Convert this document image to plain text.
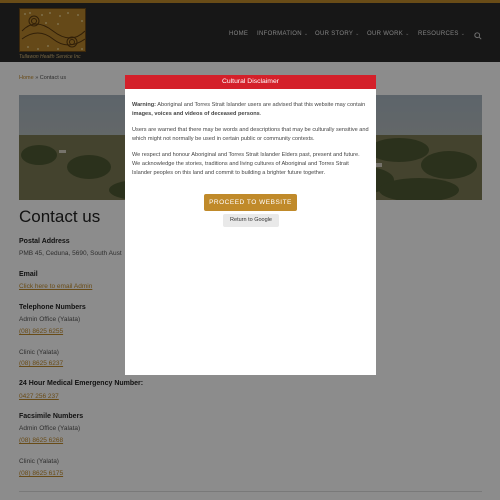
Tullawon Health Service Inc
HOME INFORMATION ⌄ OUR STORY ⌄ OUR WORK ⌄ RESOURCES ⌄
Home » Contact us
Contact us
Postal Address
PMB 45, Ceduna, 5690, South Aust
Email
Click here to email Admin
Telephone Numbers
Admin Office (Yalata)
(08) 8625 6255
Clinic (Yalata)
(08) 8625 6237
24 Hour Medical Emergency Number:
0427 256 237
Facsimile Numbers
Admin Office (Yalata)
(08) 8625 6268
Clinic (Yalata)
(08) 8625 6175
Cultural Disclaimer

Warning: Aboriginal and Torres Strait Islander users are advised that this website may contain images, voices and videos of deceased persons.

Users are warned that there may be words and descriptions that may be culturally sensitive and which might not normally be used in certain public or community contexts.

We respect and honour Aboriginal and Torres Strait Islander Elders past, present and future. We acknowledge the stories, traditions and living cultures of Aboriginal and Torres Strait Islander peoples on this land and commit to building a brighter future together.

PROCEED TO WEBSITE
Return to Google
